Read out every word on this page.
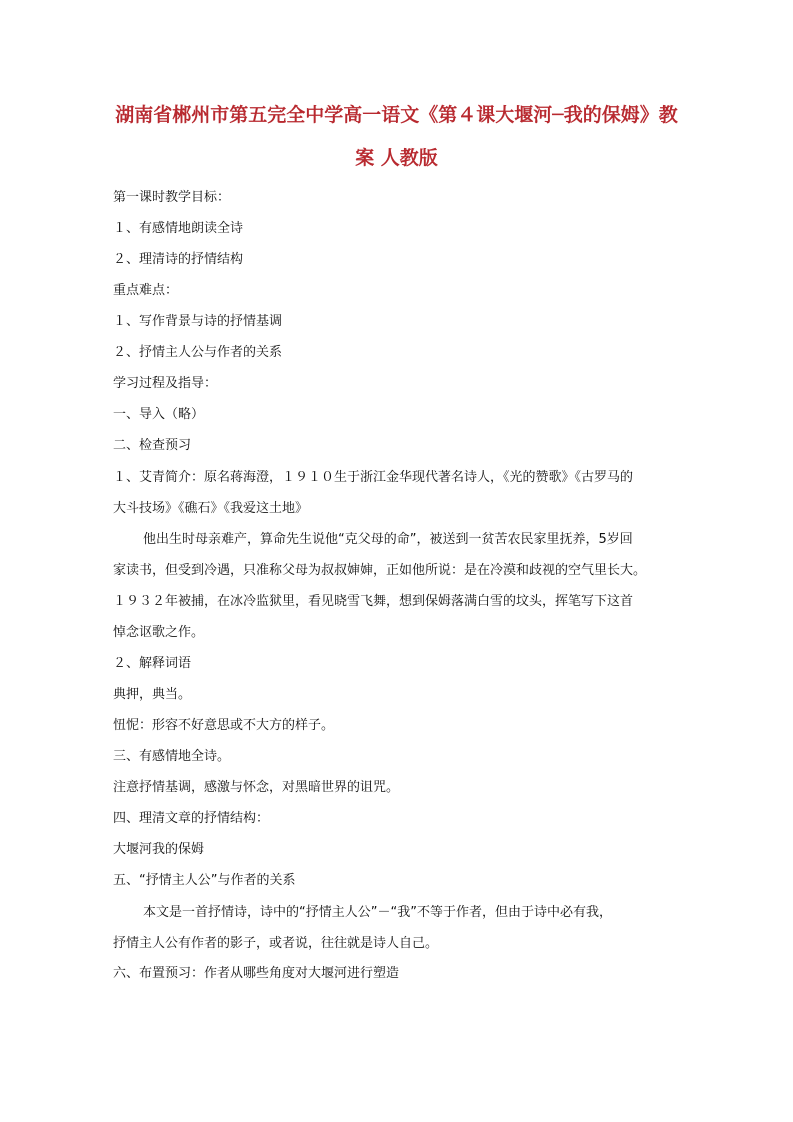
湖南省郴州市第五完全中学高一语文《第４课大堰河─我的保姆》教
案 人教版
第一课时教学目标：
１、有感情地朗读全诗
２、理清诗的抒情结构
重点难点：
１、写作背景与诗的抒情基调
２、抒情主人公与作者的关系
学习过程及指导：
一、导入（略）
二、检查预习
１、艾青简介：原名蒋海澄，１９１０生于浙江金华现代著名诗人，《光的赞歌》《古罗马的
大斗技场》《礁石》《我爱这土地》
他出生时母亲难产，算命先生说他“克父母的命”，被送到一贫苦农民家里抚养，5岁回
家读书，但受到冷遇，只准称父母为叔叔婶婶，正如他所说：是在冷漠和歧视的空气里长大。
１９３２年被捕，在冰冷监狱里，看见晓雪飞舞，想到保姆落满白雪的坟头，挥笔写下这首
悼念讴歌之作。
２、解释词语
典押，典当。
忸怩：形容不好意思或不大方的样子。
三、有感情地全诗。
注意抒情基调，感激与怀念，对黑暗世界的诅咒。
四、理清文章的抒情结构：
大堰河我的保姆
五、“抒情主人公”与作者的关系
本文是一首抒情诗，诗中的“抒情主人公”－“我”不等于作者，但由于诗中必有我，
抒情主人公有作者的影子，或者说，往往就是诗人自己。
六、布置预习：作者从哪些角度对大堰河进行塑造
